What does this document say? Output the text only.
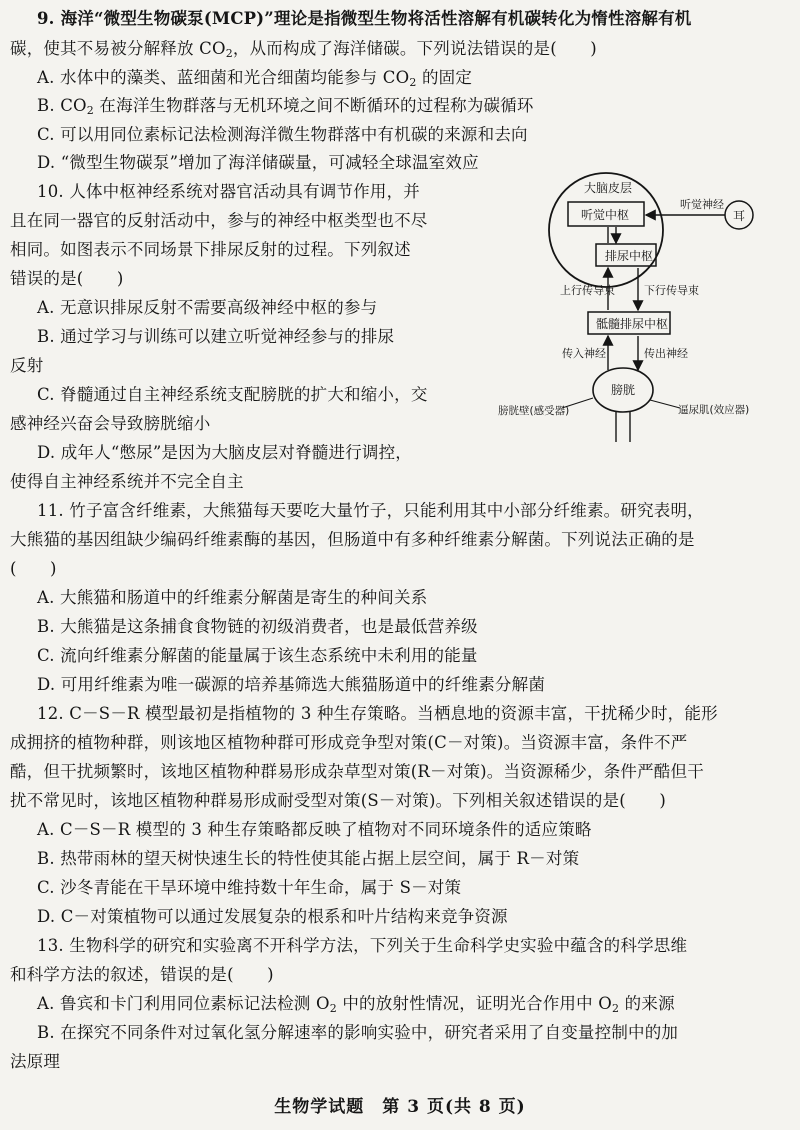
9. 海洋“微型生物碳泵(MCP)”理论是指微型生物将活性溶解有机碳转化为惰性溶解有机
碳，使其不易被分解释放 $CO_2$，从而构成了海洋储碳。下列说法错误的是(　　)
A. 水体中的藻类、蓝细菌和光合细菌均能参与 $CO_2$ 的固定
B. $CO_2$ 在海洋生物群落与无机环境之间不断循环的过程称为碳循环
C. 可以用同位素标记法检测海洋微生物群落中有机碳的来源和去向
D. “微型生物碳泵”增加了海洋储碳量，可减轻全球温室效应
10. 人体中枢神经系统对器官活动具有调节作用，并
且在同一器官的反射活动中，参与的神经中枢类型也不尽
相同。如图表示不同场景下排尿反射的过程。下列叙述
错误的是(　　)
A. 无意识排尿反射不需要高级神经中枢的参与
B. 通过学习与训练可以建立听觉神经参与的排尿
反射
C. 脊髓通过自主神经系统支配膀胱的扩大和缩小，交
感神经兴奋会导致膀胱缩小
D. 成年人“憋尿”是因为大脑皮层对脊髓进行调控，
使得自主神经系统并不完全自主
大脑皮层
听觉中枢
排尿中枢
耳
听觉神经
上行传导束	下行传导束
骶髓排尿中枢
传入神经	传出神经
膀胱
膀胱壁(感受器)	逼尿肌(效应器)
11. 竹子富含纤维素，大熊猫每天要吃大量竹子，只能利用其中小部分纤维素。研究表明，
大熊猫的基因组缺少编码纤维素酶的基因，但肠道中有多种纤维素分解菌。下列说法正确的是
(　　)
A. 大熊猫和肠道中的纤维素分解菌是寄生的种间关系
B. 大熊猫是这条捕食食物链的初级消费者，也是最低营养级
C. 流向纤维素分解菌的能量属于该生态系统中未利用的能量
D. 可用纤维素为唯一碳源的培养基筛选大熊猫肠道中的纤维素分解菌
12. C－S－R 模型最初是指植物的 3 种生存策略。当栖息地的资源丰富，干扰稀少时，能形
成拥挤的植物种群，则该地区植物种群可形成竞争型对策(C－对策)。当资源丰富，条件不严
酷，但干扰频繁时，该地区植物种群易形成杂草型对策(R－对策)。当资源稀少，条件严酷但干
扰不常见时，该地区植物种群易形成耐受型对策(S－对策)。下列相关叙述错误的是(　　)
A. C－S－R 模型的 3 种生存策略都反映了植物对不同环境条件的适应策略
B. 热带雨林的望天树快速生长的特性使其能占据上层空间，属于 R－对策
C. 沙冬青能在干旱环境中维持数十年生命，属于 S－对策
D. C－对策植物可以通过发展复杂的根系和叶片结构来竞争资源
13. 生物科学的研究和实验离不开科学方法，下列关于生命科学史实验中蕴含的科学思维
和科学方法的叙述，错误的是(　　)
A. 鲁宾和卡门利用同位素标记法检测 $O_2$ 中的放射性情况，证明光合作用中 $O_2$ 的来源
B. 在探究不同条件对过氧化氢分解速率的影响实验中，研究者采用了自变量控制中的加
法原理
生物学试题　第 3 页(共 8 页)
